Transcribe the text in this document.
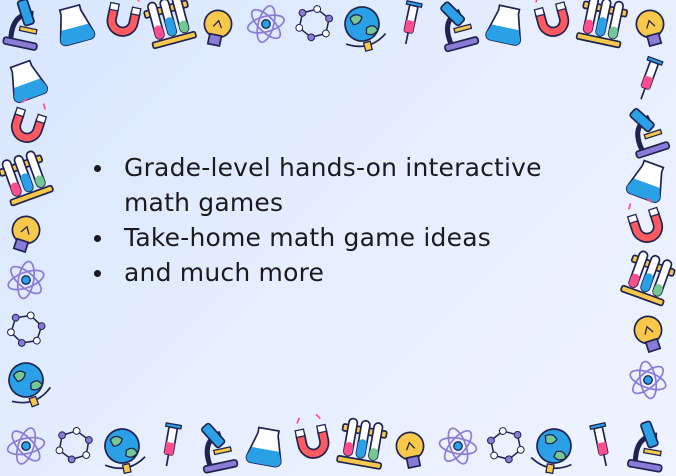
Grade-level hands-on interactive math games
Take-home math game ideas
and much more
